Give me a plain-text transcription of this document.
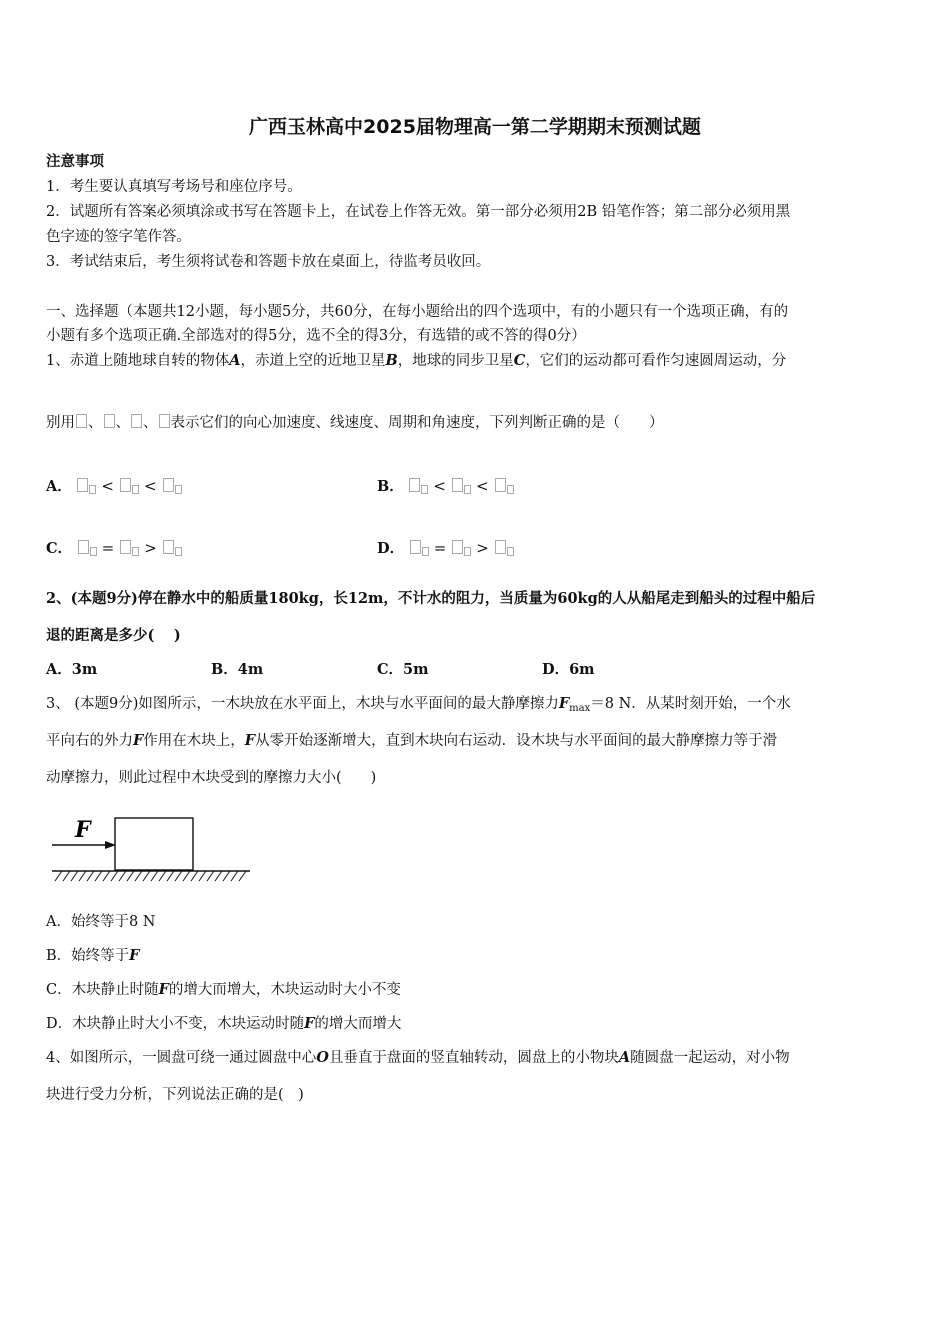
广西玉林高中2025届物理高一第二学期期末预测试题
注意事项
1．考生要认真填写考场号和座位序号。
2．试题所有答案必须填涂或书写在答题卡上，在试卷上作答无效。第一部分必须用2B 铅笔作答；第二部分必须用黑
色字迹的签字笔作答。
3．考试结束后，考生须将试卷和答题卡放在桌面上，待监考员收回。
一、选择题（本题共12小题，每小题5分，共60分，在每小题给出的四个选项中，有的小题只有一个选项正确，有的
小题有多个选项正确.全部选对的得5分，选不全的得3分，有选错的或不答的得0分）
1、赤道上随地球自转的物体A，赤道上空的近地卫星B，地球的同步卫星C，它们的运动都可看作匀速圆周运动，分
别用 、 、 、 表示它们的向心加速度、线速度、周期和角速度，下列判断正确的是（　　）
A． < <	B． < <
C． = >	D． = >
2、(本题9分)停在静水中的船质量180kg，长12m，不计水的阻力，当质量为60kg的人从船尾走到船头的过程中船后
退的距离是多少(　 )
A．3m	B．4m	C．5m	D．6m
3、 (本题9分)如图所示，一木块放在水平面上，木块与水平面间的最大静摩擦力$F_{max}=8$ N．从某时刻开始，一个水
平向右的外力F作用在木块上，F从零开始逐渐增大，直到木块向右运动．设木块与水平面间的最大静摩擦力等于滑
动摩擦力，则此过程中木块受到的摩擦力大小(　　)
F
A．始终等于8 N
B．始终等于F
C．木块静止时随F的增大而增大，木块运动时大小不变
D．木块静止时大小不变，木块运动时随F的增大而增大
4、如图所示，一圆盘可绕一通过圆盘中心O且垂直于盘面的竖直轴转动，圆盘上的小物块A随圆盘一起运动，对小物
块进行受力分析，下列说法正确的是(　)
